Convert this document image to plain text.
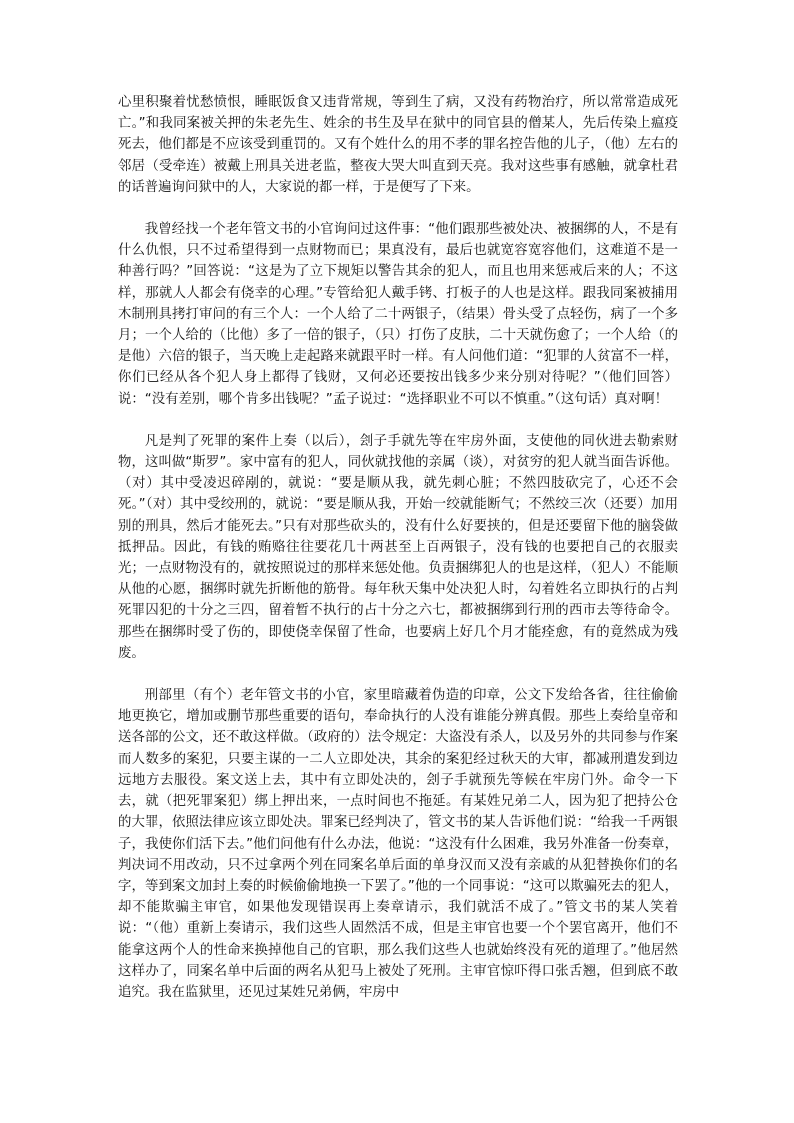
心里积聚着忧愁愤恨，睡眠饭食又违背常规，等到生了病，又没有药物治疗，所以常常造成死亡。”和我同案被关押的朱老先生、姓余的书生及早在狱中的同官县的僧某人，先后传染上瘟疫死去，他们都是不应该受到重罚的。又有个姓什么的用不孝的罪名控告他的儿子，（他）左右的邻居（受牵连）被戴上刑具关进老监，整夜大哭大叫直到天亮。我对这些事有感触，就拿杜君的话普遍询问狱中的人，大家说的都一样，于是便写了下来。

我曾经找一个老年管文书的小官询问过这件事：“他们跟那些被处决、被捆绑的人，不是有什么仇恨，只不过希望得到一点财物而已；果真没有，最后也就宽容宽容他们，这难道不是一种善行吗？”回答说：“这是为了立下规矩以警告其余的犯人，而且也用来惩戒后来的人；不这样，那就人人都会有侥幸的心理。”专管给犯人戴手铐、打板子的人也是这样。跟我同案被捕用木制刑具拷打审问的有三个人：一个人给了二十两银子，（结果）骨头受了点轻伤，病了一个多月；一个人给的（比他）多了一倍的银子，（只）打伤了皮肤，二十天就伤愈了；一个人给（的是他）六倍的银子，当天晚上走起路来就跟平时一样。有人问他们道：“犯罪的人贫富不一样，你们已经从各个犯人身上都得了钱财，又何必还要按出钱多少来分别对待呢？”（他们回答）说：“没有差别，哪个肯多出钱呢？”孟子说过：“选择职业不可以不慎重。”（这句话）真对啊！

凡是判了死罪的案件上奏（以后），刽子手就先等在牢房外面，支使他的同伙进去勒索财物，这叫做“斯罗”。家中富有的犯人，同伙就找他的亲属（谈），对贫穷的犯人就当面告诉他。（对）其中受凌迟碎剐的，就说：“要是顺从我，就先刺心脏；不然四肢砍完了，心还不会死。”（对）其中受绞刑的，就说：“要是顺从我，开始一绞就能断气；不然绞三次（还要）加用别的刑具，然后才能死去。”只有对那些砍头的，没有什么好要挟的，但是还要留下他的脑袋做抵押品。因此，有钱的贿赂往往要花几十两甚至上百两银子，没有钱的也要把自己的衣服卖光；一点财物没有的，就按照说过的那样来惩处他。负责捆绑犯人的也是这样，（犯人）不能顺从他的心愿，捆绑时就先折断他的筋骨。每年秋天集中处决犯人时，勾着姓名立即执行的占判死罪囚犯的十分之三四，留着暂不执行的占十分之六七，都被捆绑到行刑的西市去等待命令。那些在捆绑时受了伤的，即使侥幸保留了性命，也要病上好几个月才能痊愈，有的竟然成为残废。

刑部里（有个）老年管文书的小官，家里暗藏着伪造的印章，公文下发给各省，往往偷偷地更换它，增加或删节那些重要的语句，奉命执行的人没有谁能分辨真假。那些上奏给皇帝和送各部的公文，还不敢这样做。（政府的）法令规定：大盗没有杀人，以及另外的共同参与作案而人数多的案犯，只要主谋的一二人立即处决，其余的案犯经过秋天的大审，都减刑遣发到边远地方去服役。案文送上去，其中有立即处决的，刽子手就预先等候在牢房门外。命令一下去，就（把死罪案犯）绑上押出来，一点时间也不拖延。有某姓兄弟二人，因为犯了把持公仓的大罪，依照法律应该立即处决。罪案已经判决了，管文书的某人告诉他们说：“给我一千两银子，我使你们活下去。”他们问他有什么办法，他说：“这没有什么困难，我另外准备一份奏章，判决词不用改动，只不过拿两个列在同案名单后面的单身汉而又没有亲戚的从犯替换你们的名字，等到案文加封上奏的时候偷偷地换一下罢了。”他的一个同事说：“这可以欺骗死去的犯人，却不能欺骗主审官，如果他发现错误再上奏章请示，我们就活不成了。”管文书的某人笑着说：“（他）重新上奏请示，我们这些人固然活不成，但是主审官也要一个个罢官离开，他们不能拿这两个人的性命来换掉他自己的官职，那么我们这些人也就始终没有死的道理了。”他居然这样办了，同案名单中后面的两名从犯马上被处了死刑。主审官惊吓得口张舌翘，但到底不敢追究。我在监狱里，还见过某姓兄弟俩，牢房中
